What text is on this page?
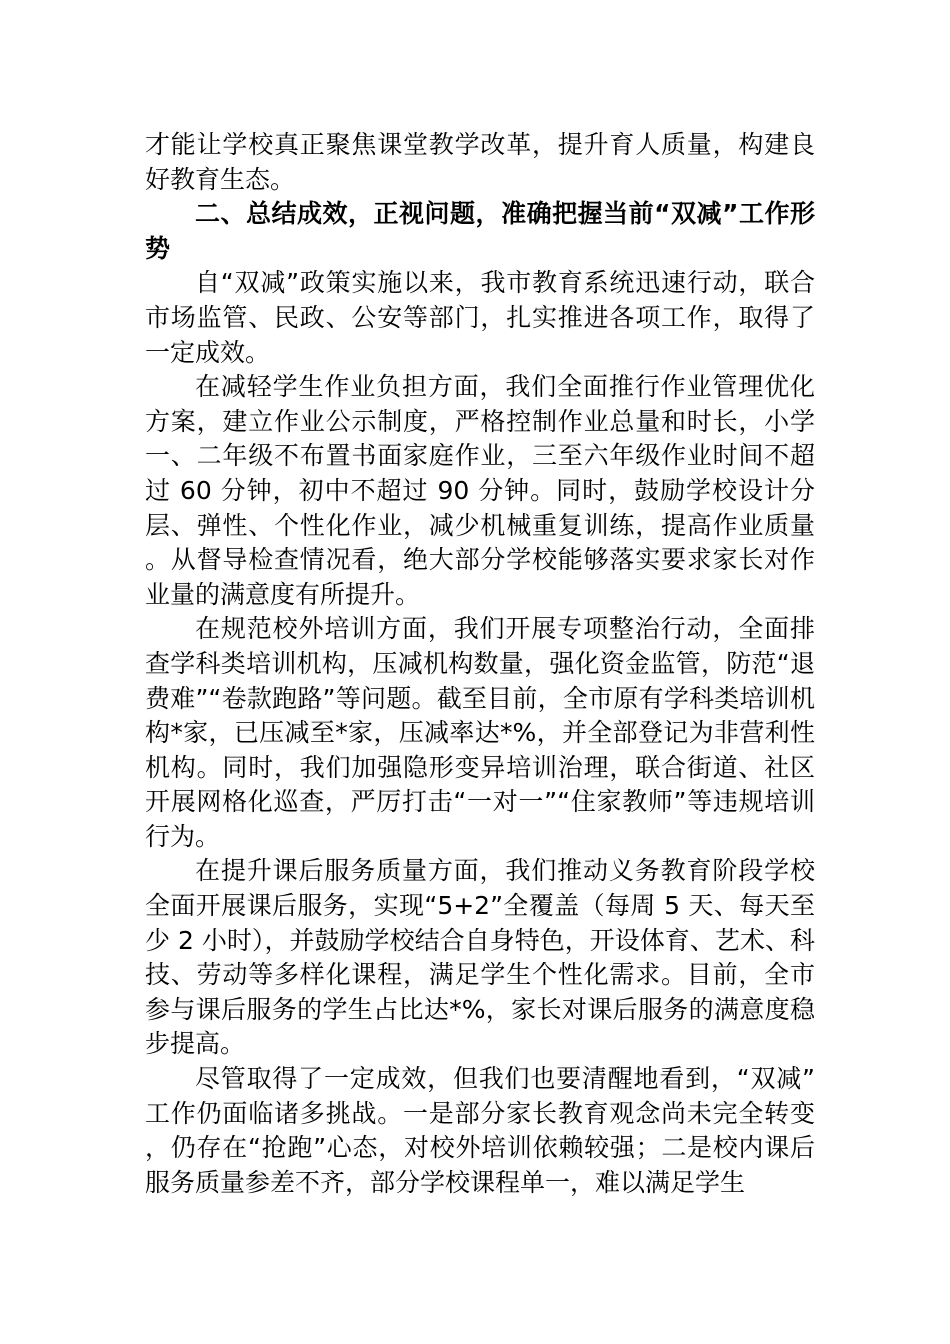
才能让学校真正聚焦课堂教学改革，提升育人质量，构建良好教育生态。

二、总结成效，正视问题，准确把握当前“双减”工作形势

自“双减”政策实施以来，我市教育系统迅速行动，联合市场监管、民政、公安等部门，扎实推进各项工作，取得了一定成效。

在减轻学生作业负担方面，我们全面推行作业管理优化方案，建立作业公示制度，严格控制作业总量和时长，小学一、二年级不布置书面家庭作业，三至六年级作业时间不超过 60 分钟，初中不超过 90 分钟。同时，鼓励学校设计分层、弹性、个性化作业，减少机械重复训练，提高作业质量。从督导检查情况看，绝大部分学校能够落实要求家长对作业量的满意度有所提升。

在规范校外培训方面，我们开展专项整治行动，全面排查学科类培训机构，压减机构数量，强化资金监管，防范“退费难”“卷款跑路”等问题。截至目前，全市原有学科类培训机构*家，已压减至*家，压减率达*%，并全部登记为非营利性机构。同时，我们加强隐形变异培训治理，联合街道、社区开展网格化巡查，严厉打击“一对一”“住家教师”等违规培训行为。

在提升课后服务质量方面，我们推动义务教育阶段学校全面开展课后服务，实现“5+2”全覆盖（每周 5 天、每天至少 2 小时），并鼓励学校结合自身特色，开设体育、艺术、科技、劳动等多样化课程，满足学生个性化需求。目前，全市参与课后服务的学生占比达*%，家长对课后服务的满意度稳步提高。

尽管取得了一定成效，但我们也要清醒地看到，“双减”工作仍面临诸多挑战。一是部分家长教育观念尚未完全转变，仍存在“抢跑”心态，对校外培训依赖较强；二是校内课后服务质量参差不齐，部分学校课程单一，难以满足学生
